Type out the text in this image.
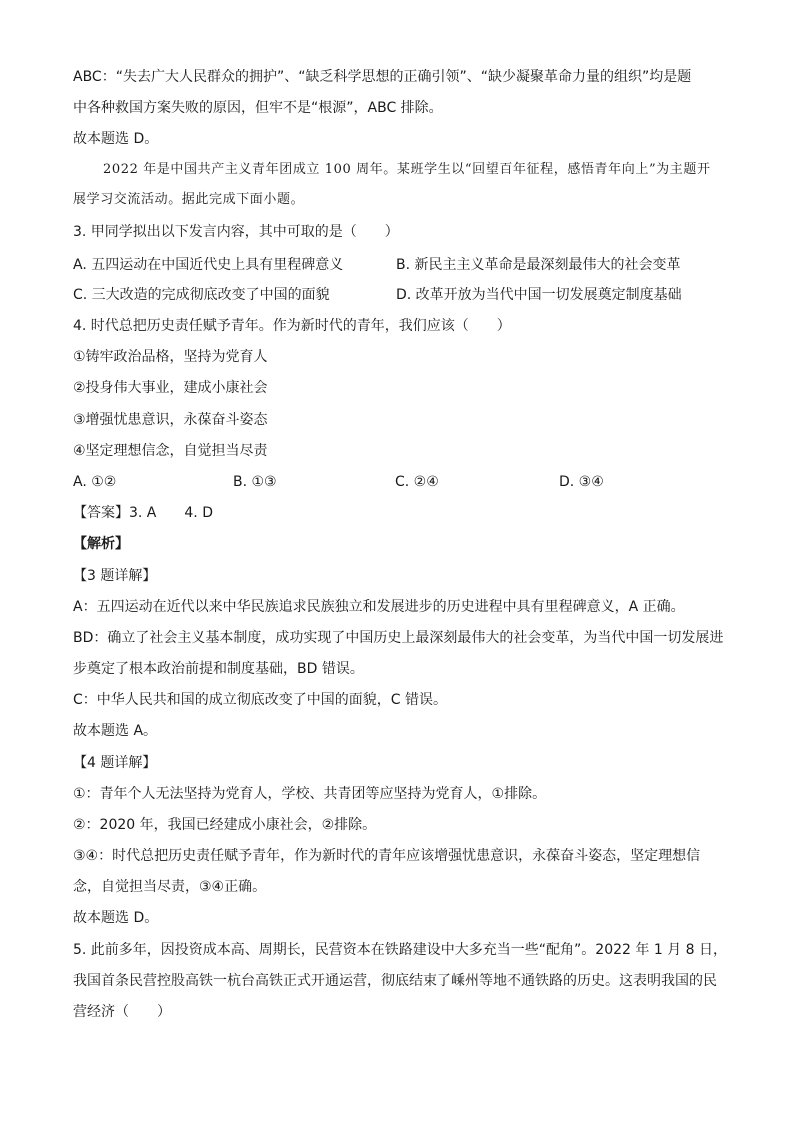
ABC：“失去广大人民群众的拥护”、“缺乏科学思想的正确引领”、“缺少凝聚革命力量的组织”均是题
中各种救国方案失败的原因，但牢不是“根源”，ABC 排除。
故本题选 D。
2022 年是中国共产主义青年团成立 100 周年。某班学生以“回望百年征程，感悟青年向上”为主题开
展学习交流活动。据此完成下面小题。
3. 甲同学拟出以下发言内容，其中可取的是（　　）
A. 五四运动在中国近代史上具有里程碑意义	B. 新民主主义革命是最深刻最伟大的社会变革
C. 三大改造的完成彻底改变了中国的面貌	D. 改革开放为当代中国一切发展奠定制度基础
4. 时代总把历史责任赋予青年。作为新时代的青年，我们应该（　　）
①铸牢政治品格，坚持为党育人
②投身伟大事业，建成小康社会
③增强忧患意识，永葆奋斗姿态
④坚定理想信念，自觉担当尽责
A. ①②	B. ①③	C. ②④	D. ③④
【答案】3. A　　4. D
【解析】
【3 题详解】
A：五四运动在近代以来中华民族追求民族独立和发展进步的历史进程中具有里程碑意义，A 正确。
BD：确立了社会主义基本制度，成功实现了中国历史上最深刻最伟大的社会变革，为当代中国一切发展进
步奠定了根本政治前提和制度基础，BD 错误。
C：中华人民共和国的成立彻底改变了中国的面貌，C 错误。
故本题选 A。
【4 题详解】
①：青年个人无法坚持为党育人，学校、共青团等应坚持为党育人，①排除。
②：2020 年，我国已经建成小康社会，②排除。
③④：时代总把历史责任赋予青年，作为新时代的青年应该增强忧患意识，永葆奋斗姿态，坚定理想信
念，自觉担当尽责，③④正确。
故本题选 D。
5. 此前多年，因投资成本高、周期长，民营资本在铁路建设中大多充当一些“配角”。2022 年 1 月 8 日，
我国首条民营控股高铁一杭台高铁正式开通运营，彻底结束了嵊州等地不通铁路的历史。这表明我国的民
营经济（　　）
